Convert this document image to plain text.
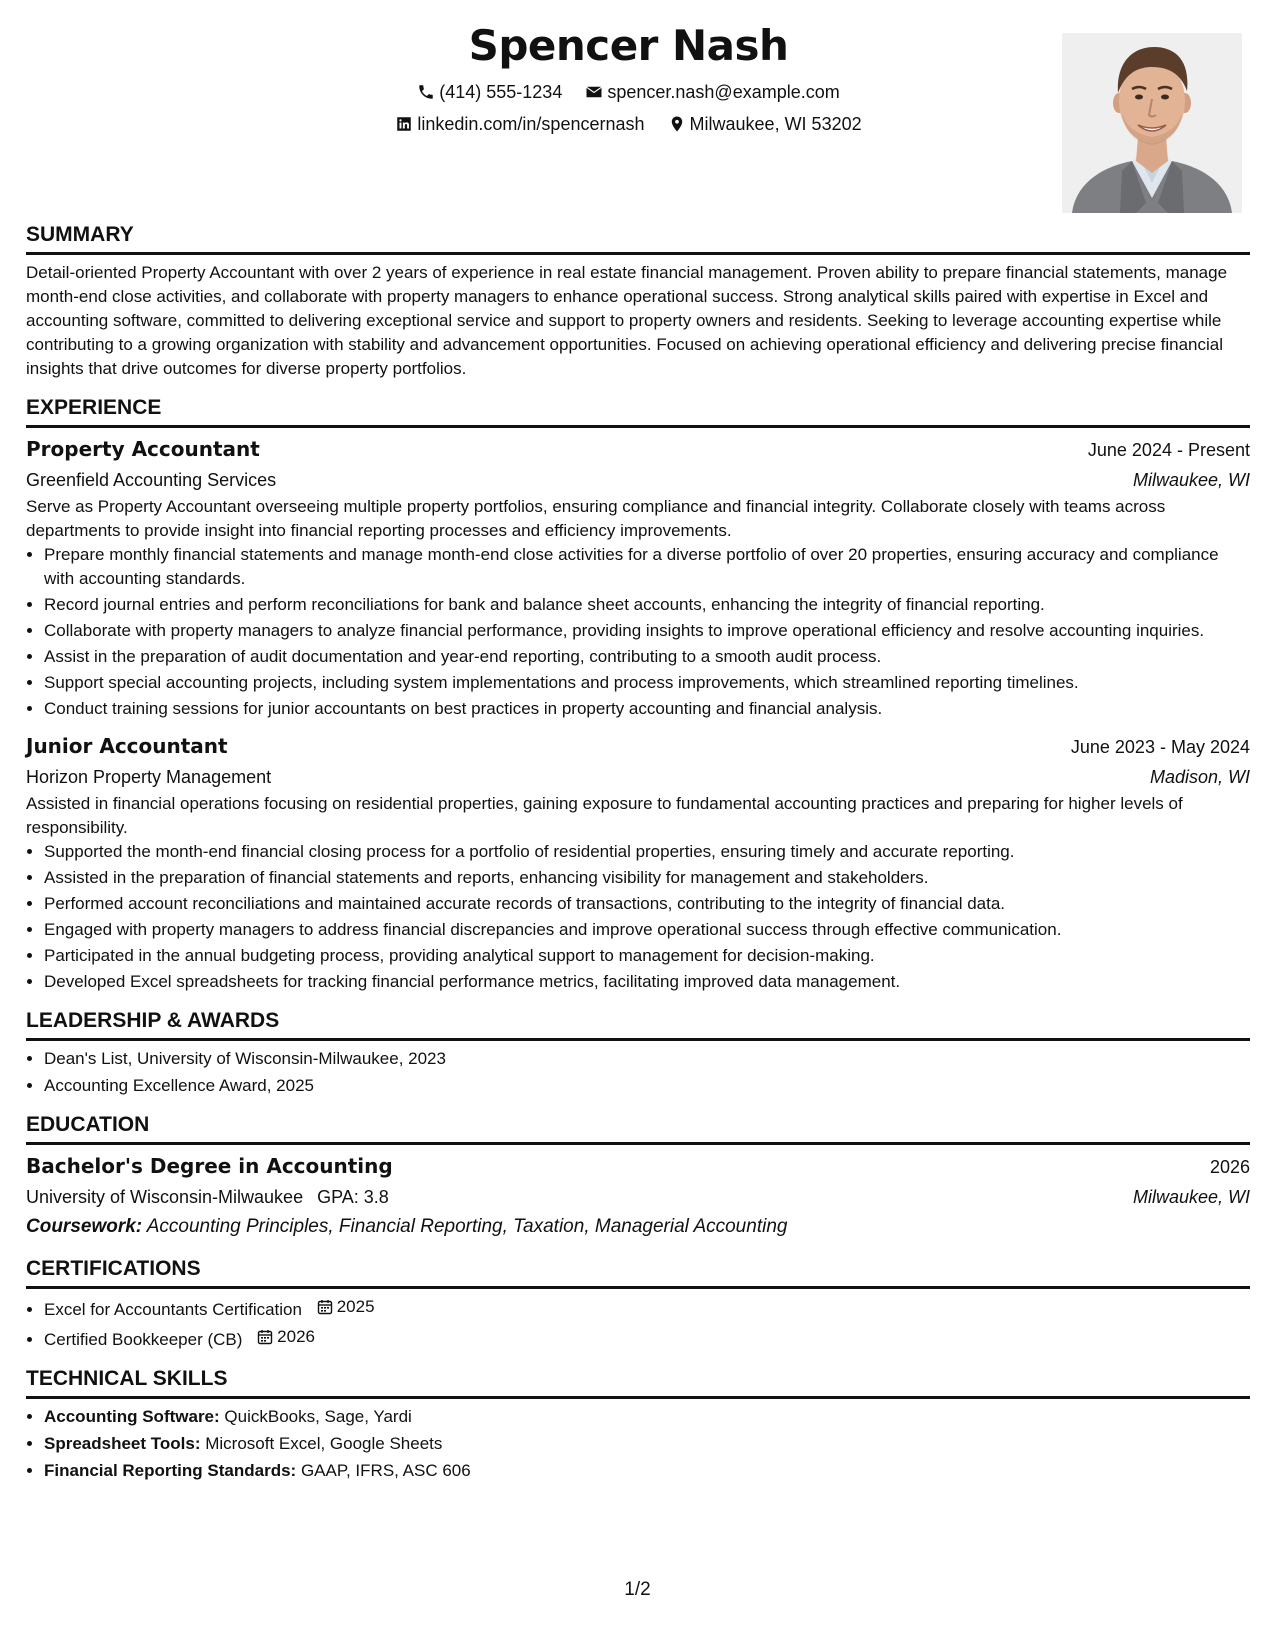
Spencer Nash
(414) 555-1234
	spencer.nash@example.com
linkedin.com/in/spencernash
	Milwaukee, WI 53202
SUMMARY

Detail-oriented Property Accountant with over 2 years of experience in real estate financial management. Proven ability to prepare financial statements, manage month-end close activities, and collaborate with property managers to enhance operational success. Strong analytical skills paired with expertise in Excel and accounting software, committed to delivering exceptional service and support to property owners and residents. Seeking to leverage accounting expertise while contributing to a growing organization with stability and advancement opportunities. Focused on achieving operational efficiency and delivering precise financial insights that drive outcomes for diverse property portfolios.

EXPERIENCE
Property Accountant	June 2024 - Present
Greenfield Accounting Services	Milwaukee, WI

Serve as Property Accountant overseeing multiple property portfolios, ensuring compliance and financial integrity. Collaborate closely with teams across departments to provide insight into financial reporting processes and efficiency improvements.

• Prepare monthly financial statements and manage month-end close activities for a diverse portfolio of over 20 properties, ensuring accuracy and compliance with accounting standards.
• Record journal entries and perform reconciliations for bank and balance sheet accounts, enhancing the integrity of financial reporting.
• Collaborate with property managers to analyze financial performance, providing insights to improve operational efficiency and resolve accounting inquiries.
• Assist in the preparation of audit documentation and year-end reporting, contributing to a smooth audit process.
• Support special accounting projects, including system implementations and process improvements, which streamlined reporting timelines.
• Conduct training sessions for junior accountants on best practices in property accounting and financial analysis.
Junior Accountant	June 2023 - May 2024
Horizon Property Management	Madison, WI

Assisted in financial operations focusing on residential properties, gaining exposure to fundamental accounting practices and preparing for higher levels of responsibility.

• Supported the month-end financial closing process for a portfolio of residential properties, ensuring timely and accurate reporting.
• Assisted in the preparation of financial statements and reports, enhancing visibility for management and stakeholders.
• Performed account reconciliations and maintained accurate records of transactions, contributing to the integrity of financial data.
• Engaged with property managers to address financial discrepancies and improve operational success through effective communication.
• Participated in the annual budgeting process, providing analytical support to management for decision-making.
• Developed Excel spreadsheets for tracking financial performance metrics, facilitating improved data management.
LEADERSHIP & AWARDS
• Dean's List, University of Wisconsin-Milwaukee, 2023
• Accounting Excellence Award, 2025
EDUCATION
Bachelor's Degree in Accounting	2026
University of Wisconsin-Milwaukee GPA: 3.8	Milwaukee, WI
Coursework: Accounting Principles, Financial Reporting, Taxation, Managerial Accounting
CERTIFICATIONS
• Excel for Accountants Certification 2025
• Certified Bookkeeper (CB) 2026
TECHNICAL SKILLS
• Accounting Software: QuickBooks, Sage, Yardi
• Spreadsheet Tools: Microsoft Excel, Google Sheets
• Financial Reporting Standards: GAAP, IFRS, ASC 606
1/2
